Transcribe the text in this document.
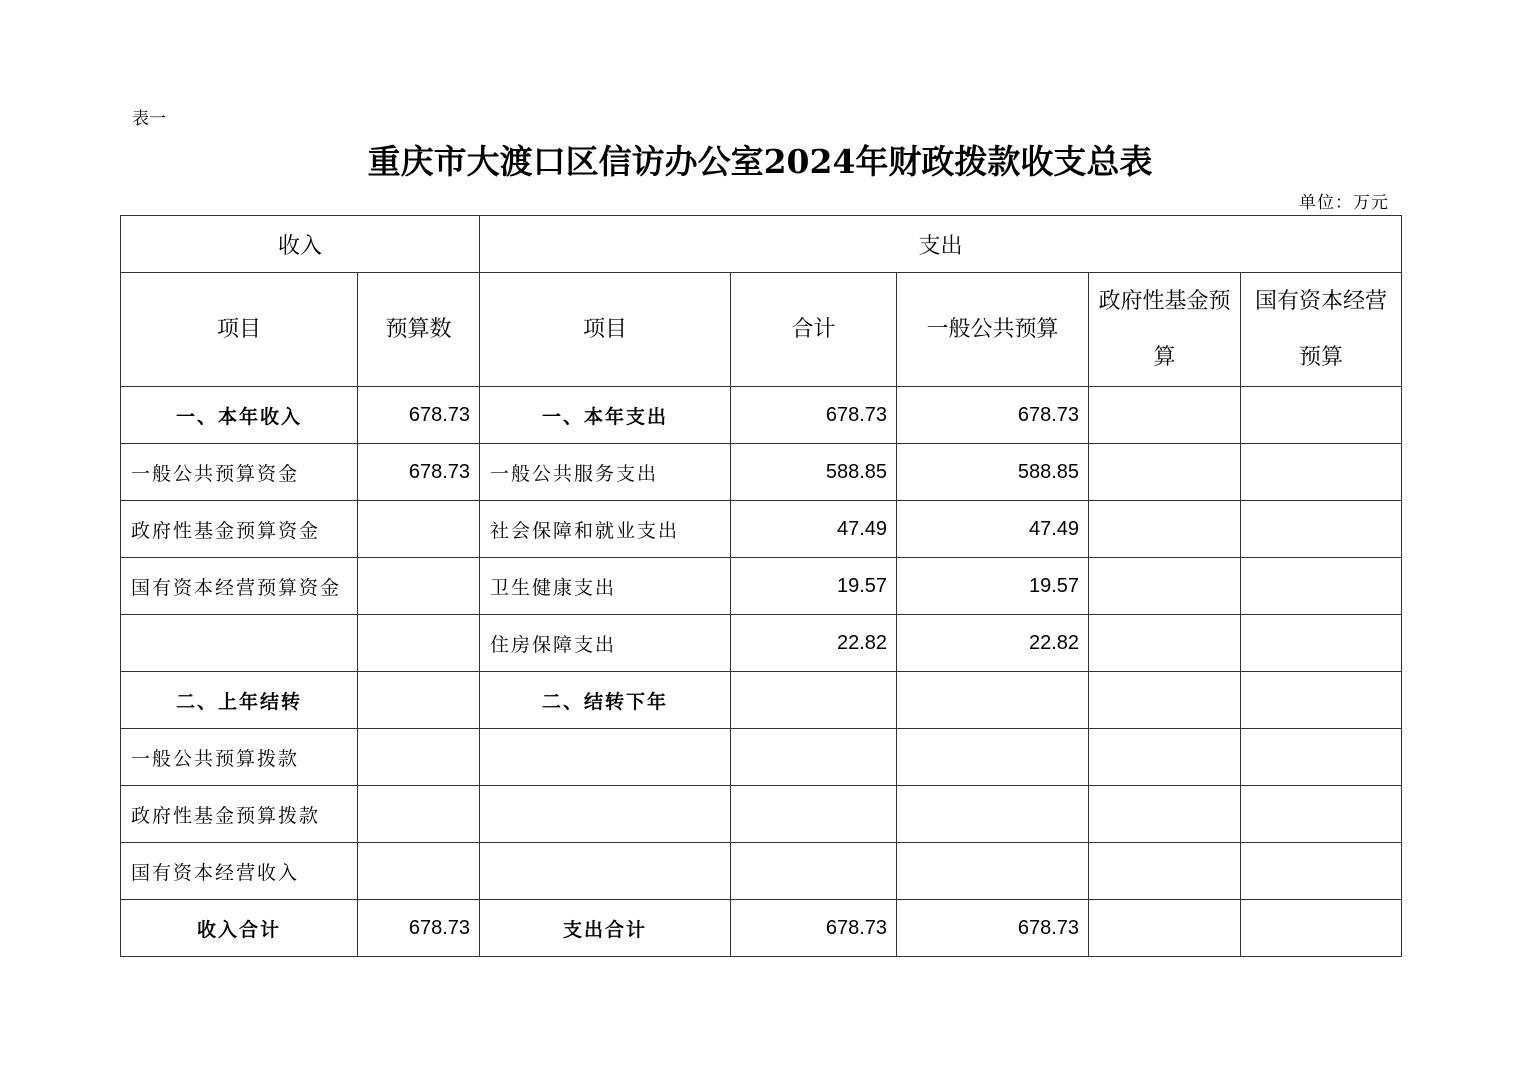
表一
重庆市大渡口区信访办公室2024年财政拨款收支总表
单位：万元
收入		支出				
项目	预算数	项目	合计	一般公共预算	政府性基金预算	国有资本经营预算
一、本年收入	678.73	一、本年支出	678.73	678.73		
一般公共预算资金	678.73	一般公共服务支出	588.85	588.85		
政府性基金预算资金		社会保障和就业支出	47.49	47.49		
国有资本经营预算资金		卫生健康支出	19.57	19.57		
		住房保障支出	22.82	22.82		
二、上年结转		二、结转下年				
一般公共预算拨款						
政府性基金预算拨款						
国有资本经营收入						
收入合计	678.73	支出合计	678.73	678.73		
